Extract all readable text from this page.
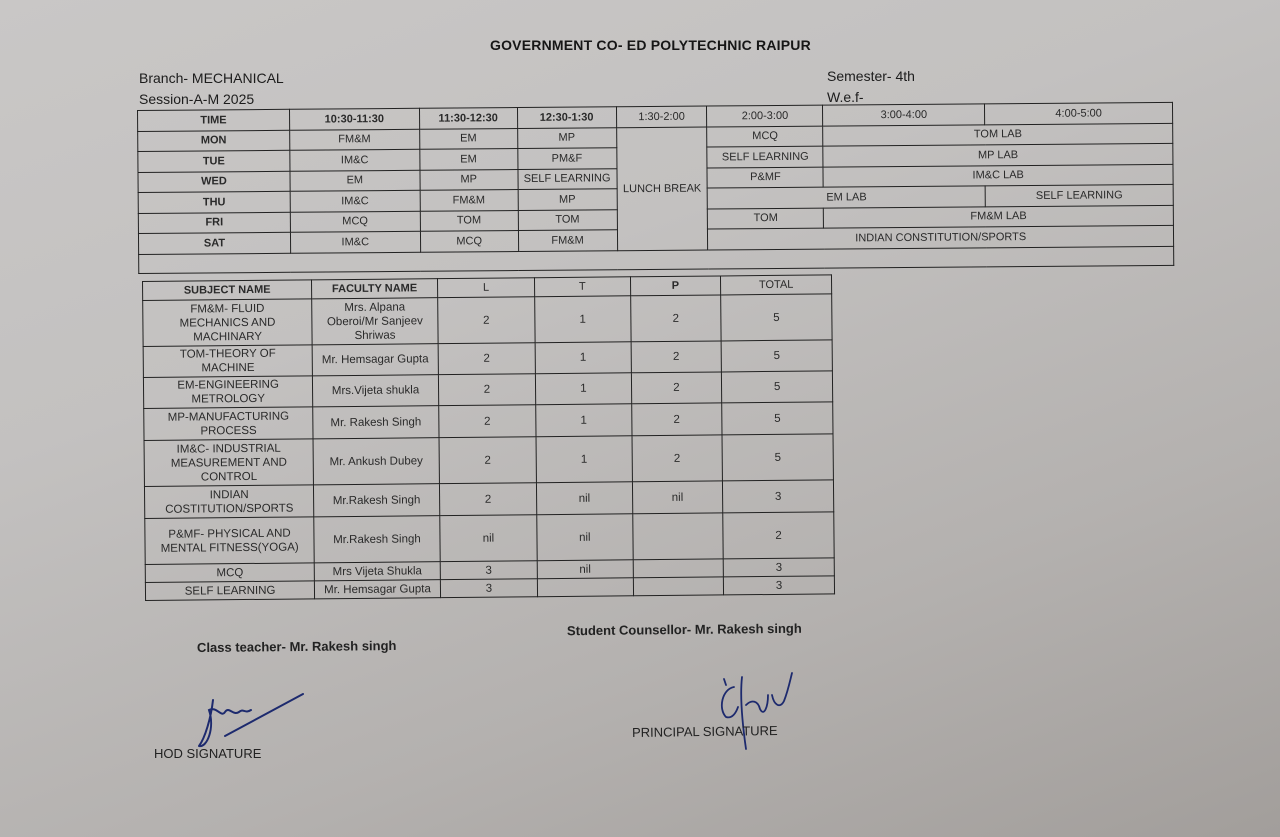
GOVERNMENT CO- ED POLYTECHNIC RAIPUR
Branch- MECHANICAL
Session-A-M 2025
Semester- 4th
W.e.f-
TIME	10:30-11:30	11:30-12:30	12:30-1:30	1:30-2:00	2:00-3:00	3:00-4:00	4:00-5:00
MON	FM&M	EM	MP	LUNCH BREAK	MCQ	TOM LAB	
TUE	IM&C	EM	PM&F		SELF LEARNING	MP LAB	
WED	EM	MP	SELF LEARNING		P&MF	IM&C LAB	
THU	IM&C	FM&M	MP		EM LAB		SELF LEARNING
FRI	MCQ	TOM	TOM		TOM	FM&M LAB	
SAT	IM&C	MCQ	FM&M		INDIAN CONSTITUTION/SPORTS		

SUBJECT NAME	FACULTY NAME	L	T	P	TOTAL
FM&M- FLUID MECHANICS AND MACHINARY	Mrs. Alpana Oberoi/Mr Sanjeev Shriwas	2	1	2	5
TOM-THEORY OF MACHINE	Mr. Hemsagar Gupta	2	1	2	5
EM-ENGINEERING METROLOGY	Mrs.Vijeta shukla	2	1	2	5
MP-MANUFACTURING PROCESS	Mr. Rakesh Singh	2	1	2	5
IM&C- INDUSTRIAL MEASUREMENT AND CONTROL	Mr. Ankush Dubey	2	1	2	5
INDIAN COSTITUTION/SPORTS	Mr.Rakesh Singh	2	nil	nil	3
P&MF- PHYSICAL AND MENTAL FITNESS(YOGA)	Mr.Rakesh Singh	nil	nil		2
MCQ	Mrs Vijeta Shukla	3	nil		3
SELF LEARNING	Mr. Hemsagar Gupta	3			3
Class teacher- Mr. Rakesh singh
Student Counsellor- Mr. Rakesh singh
HOD SIGNATURE
PRINCIPAL SIGNATURE
